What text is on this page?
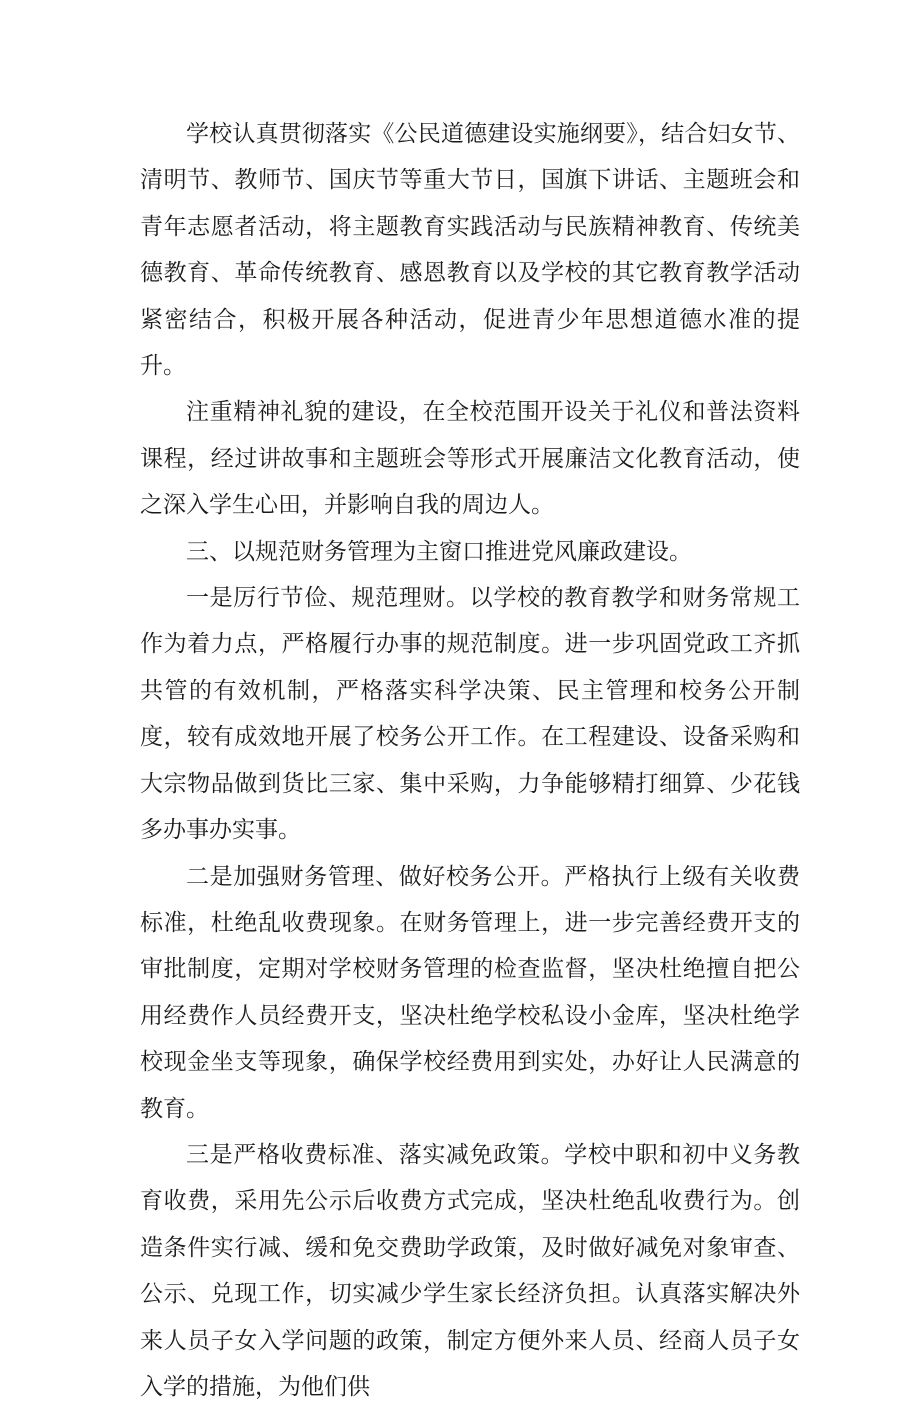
学校认真贯彻落实《公民道德建设实施纲要》，结合妇女节、清明节、教师节、国庆节等重大节日，国旗下讲话、主题班会和青年志愿者活动，将主题教育实践活动与民族精神教育、传统美德教育、革命传统教育、感恩教育以及学校的其它教育教学活动紧密结合，积极开展各种活动，促进青少年思想道德水准的提升。

注重精神礼貌的建设，在全校范围开设关于礼仪和普法资料课程，经过讲故事和主题班会等形式开展廉洁文化教育活动，使之深入学生心田，并影响自我的周边人。

三、以规范财务管理为主窗口推进党风廉政建设。

一是厉行节俭、规范理财。以学校的教育教学和财务常规工作为着力点，严格履行办事的规范制度。进一步巩固党政工齐抓共管的有效机制，严格落实科学决策、民主管理和校务公开制度，较有成效地开展了校务公开工作。在工程建设、设备采购和大宗物品做到货比三家、集中采购，力争能够精打细算、少花钱多办事办实事。

二是加强财务管理、做好校务公开。严格执行上级有关收费标准，杜绝乱收费现象。在财务管理上，进一步完善经费开支的审批制度，定期对学校财务管理的检查监督，坚决杜绝擅自把公用经费作人员经费开支，坚决杜绝学校私设小金库，坚决杜绝学校现金坐支等现象，确保学校经费用到实处，办好让人民满意的教育。

三是严格收费标准、落实减免政策。学校中职和初中义务教育收费，采用先公示后收费方式完成，坚决杜绝乱收费行为。创造条件实行减、缓和免交费助学政策，及时做好减免对象审查、公示、兑现工作，切实减少学生家长经济负担。认真落实解决外来人员子女入学问题的政策，制定方便外来人员、经商人员子女入学的措施，为他们供
